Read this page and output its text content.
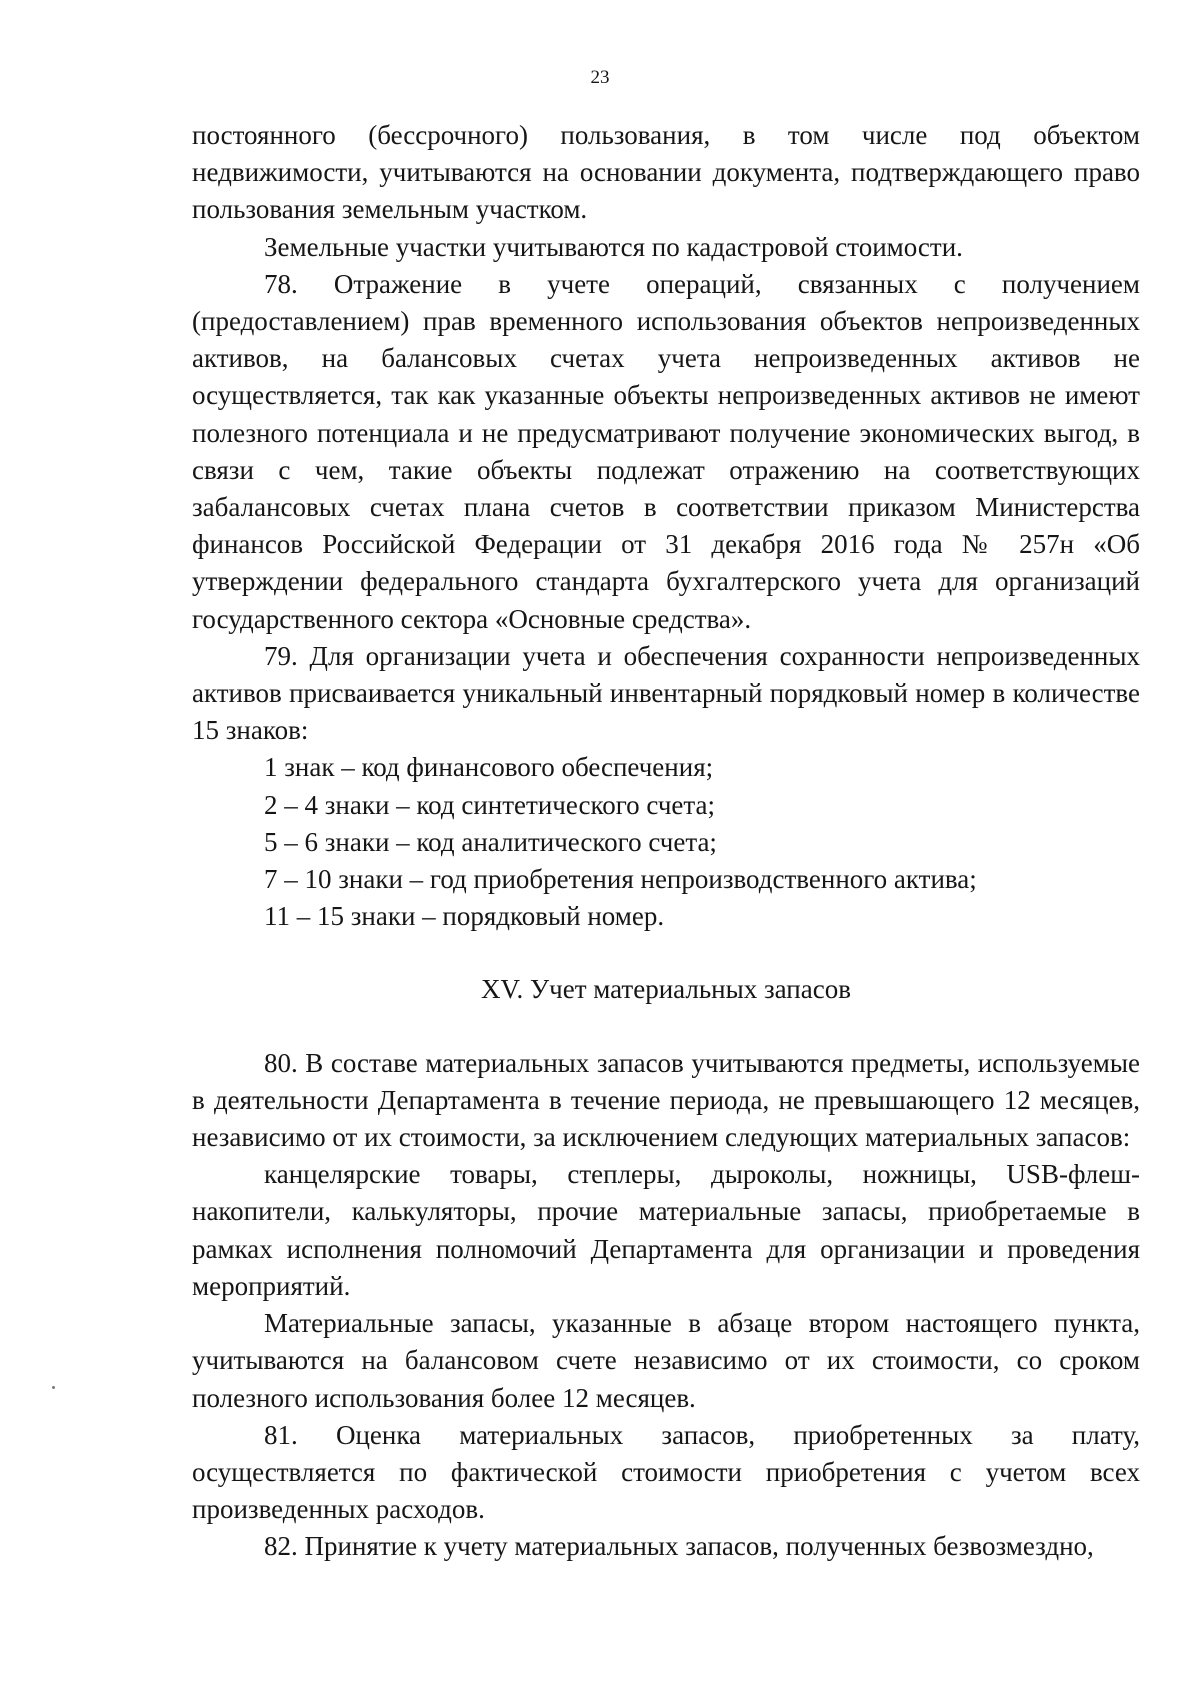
23

постоянного (бессрочного) пользования, в том числе под объектом недвижимости, учитываются на основании документа, подтверждающего право пользования земельным участком.

Земельные участки учитываются по кадастровой стоимости.

78. Отражение в учете операций, связанных с получением (предоставлением) прав временного использования объектов непроизведенных активов, на балансовых счетах учета непроизведенных активов не осуществляется, так как указанные объекты непроизведенных активов не имеют полезного потенциала и не предусматривают получение экономических выгод, в связи с чем, такие объекты подлежат отражению на соответствующих забалансовых счетах плана счетов в соответствии приказом Министерства финансов Российской Федерации от 31 декабря 2016 года № 257н «Об утверждении федерального стандарта бухгалтерского учета для организаций государственного сектора «Основные средства».

79. Для организации учета и обеспечения сохранности непроизведенных активов присваивается уникальный инвентарный порядковый номер в количестве 15 знаков:

1 знак – код финансового обеспечения;

2 – 4 знаки – код синтетического счета;

5 – 6 знаки – код аналитического счета;

7 – 10 знаки – год приобретения непроизводственного актива;

11 – 15 знаки – порядковый номер.

XV. Учет материальных запасов

80. В составе материальных запасов учитываются предметы, используемые в деятельности Департамента в течение периода, не превышающего 12 месяцев, независимо от их стоимости, за исключением следующих материальных запасов:

канцелярские товары, степлеры, дыроколы, ножницы, USB-флеш-накопители, калькуляторы, прочие материальные запасы, приобретаемые в рамках исполнения полномочий Департамента для организации и проведения мероприятий.

Материальные запасы, указанные в абзаце втором настоящего пункта, учитываются на балансовом счете независимо от их стоимости, со сроком полезного использования более 12 месяцев.

81. Оценка материальных запасов, приобретенных за плату, осуществляется по фактической стоимости приобретения с учетом всех произведенных расходов.

82. Принятие к учету материальных запасов, полученных безвозмездно,
